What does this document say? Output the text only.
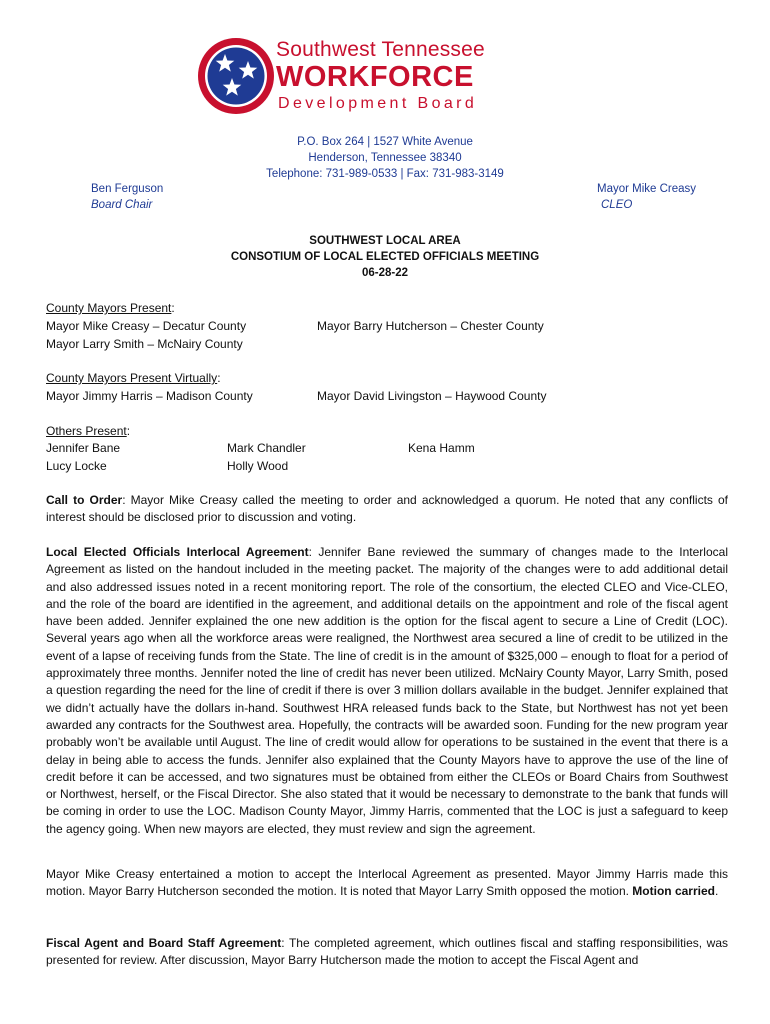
Southwest Tennessee
WORKFORCE
Development Board
P.O. Box 264 | 1527 White Avenue
Henderson, Tennessee 38340
Telephone: 731-989-0533 | Fax: 731-983-3149
Ben Ferguson
Board Chair
Mayor Mike Creasy
CLEO
SOUTHWEST LOCAL AREA
CONSOTIUM OF LOCAL ELECTED OFFICIALS MEETING
06-28-22
County Mayors Present:
Mayor Mike Creasy – Decatur County
Mayor Larry Smith – McNairy County
Mayor Barry Hutcherson – Chester County
County Mayors Present Virtually:
Mayor Jimmy Harris – Madison County	Mayor David Livingston – Haywood County
Others Present:
Jennifer Bane
Lucy Locke
Mark Chandler
Holly Wood
Kena Hamm
Call to Order: Mayor Mike Creasy called the meeting to order and acknowledged a quorum. He noted that any conflicts of interest should be disclosed prior to discussion and voting.
Local Elected Officials Interlocal Agreement: Jennifer Bane reviewed the summary of changes made to the Interlocal Agreement as listed on the handout included in the meeting packet. The majority of the changes were to add additional detail and also addressed issues noted in a recent monitoring report. The role of the consortium, the elected CLEO and Vice-CLEO, and the role of the board are identified in the agreement, and additional details on the appointment and role of the fiscal agent have been added. Jennifer explained the one new addition is the option for the fiscal agent to secure a Line of Credit (LOC). Several years ago when all the workforce areas were realigned, the Northwest area secured a line of credit to be utilized in the event of a lapse of receiving funds from the State. The line of credit is in the amount of $325,000 – enough to float for a period of approximately three months. Jennifer noted the line of credit has never been utilized. McNairy County Mayor, Larry Smith, posed a question regarding the need for the line of credit if there is over 3 million dollars available in the budget. Jennifer explained that we didn’t actually have the dollars in-hand. Southwest HRA released funds back to the State, but Northwest has not yet been awarded any contracts for the Southwest area. Hopefully, the contracts will be awarded soon. Funding for the new program year probably won’t be available until August. The line of credit would allow for operations to be sustained in the event that there is a delay in being able to access the funds. Jennifer also explained that the County Mayors have to approve the use of the line of credit before it can be accessed, and two signatures must be obtained from either the CLEOs or Board Chairs from Southwest or Northwest, herself, or the Fiscal Director. She also stated that it would be necessary to demonstrate to the bank that funds will be coming in order to use the LOC. Madison County Mayor, Jimmy Harris, commented that the LOC is just a safeguard to keep the agency going. When new mayors are elected, they must review and sign the agreement.
Mayor Mike Creasy entertained a motion to accept the Interlocal Agreement as presented. Mayor Jimmy Harris made this motion. Mayor Barry Hutcherson seconded the motion. It is noted that Mayor Larry Smith opposed the motion. Motion carried.
Fiscal Agent and Board Staff Agreement: The completed agreement, which outlines fiscal and staffing responsibilities, was presented for review. After discussion, Mayor Barry Hutcherson made the motion to accept the Fiscal Agent and
